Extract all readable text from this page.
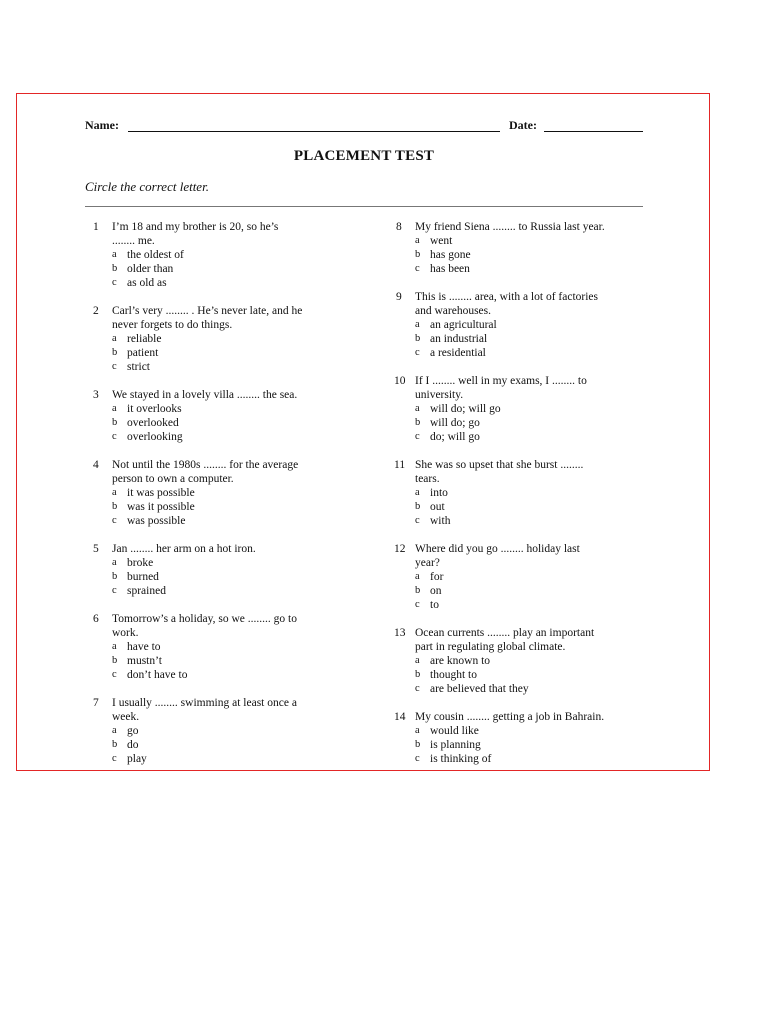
Name:	Date:
PLACEMENT TEST
Circle the correct letter.
1 I’m 18 and my brother is 20, so he’s
........ me.
a the oldest of
b older than
c as old as
2 Carl’s very ........ . He’s never late, and he
never forgets to do things.
a reliable
b patient
c strict
3 We stayed in a lovely villa ........ the sea.
a it overlooks
b overlooked
c overlooking
4 Not until the 1980s ........ for the average
person to own a computer.
a it was possible
b was it possible
c was possible
5 Jan ........ her arm on a hot iron.
a broke
b burned
c sprained
6 Tomorrow’s a holiday, so we ........ go to
work.
a have to
b mustn’t
c don’t have to
7 I usually ........ swimming at least once a
week.
a go
b do
c play
8 My friend Siena ........ to Russia last year.
a went
b has gone
c has been
9 This is ........ area, with a lot of factories
and warehouses.
a an agricultural
b an industrial
c a residential
10 If I ........ well in my exams, I ........ to
university.
a will do; will go
b will do; go
c do; will go
11 She was so upset that she burst ........
tears.
a into
b out
c with
12 Where did you go ........ holiday last
year?
a for
b on
c to
13 Ocean currents ........ play an important
part in regulating global climate.
a are known to
b thought to
c are believed that they
14 My cousin ........ getting a job in Bahrain.
a would like
b is planning
c is thinking of
